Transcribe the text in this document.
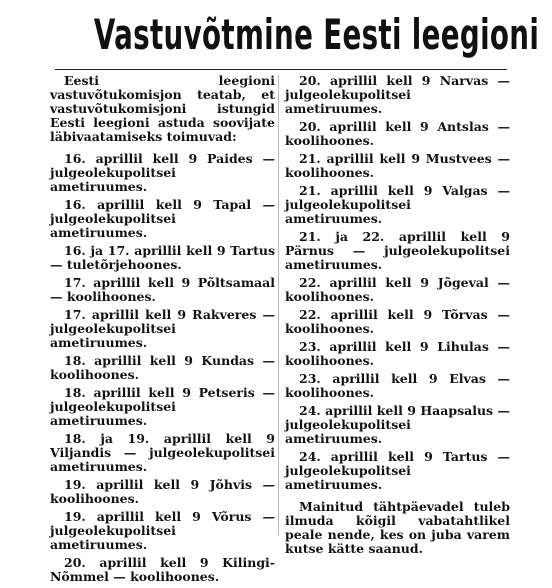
Vastuvõtmine Eesti leegioni

Eesti leegioni vastuvõtukomisjon teatab, et vastuvõtukomisjoni istungid Eesti leegioni astuda soovijate läbivaatamiseks toimuvad:

16. aprillil kell 9 Paides — julgeolekupolitsei ametiruumes.

16. aprillil kell 9 Tapal — julgeolekupolitsei ametiruumes.

16. ja 17. aprillil kell 9 Tartus — tuletõrjehoones.

17. aprillil kell 9 Põltsamaal — koolihoones.

17. aprillil kell 9 Rakveres — julgeolekupolitsei ametiruumes.

18. aprillil kell 9 Kundas — koolihoones.

18. aprillil kell 9 Petseris — julgeolekupolitsei ametiruumes.

18. ja 19. aprillil kell 9 Viljandis — julgeolekupolitsei ametiruumes.

19. aprillil kell 9 Jõhvis — koolihoones.

19. aprillil kell 9 Võrus — julgeolekupolitsei ametiruumes.

20. aprillil kell 9 Kilingi-Nõmmel — koolihoones.

20. aprillil kell 9 Narvas — julgeolekupolitsei ametiruumes.

20. aprillil kell 9 Antslas — koolihoones.

21. aprillil kell 9 Mustvees — koolihoones.

21. aprillil kell 9 Valgas — julgeolekupolitsei ametiruumes.

21. ja 22. aprillil kell 9 Pärnus — julgeolekupolitsei ametiruumes.

22. aprillil kell 9 Jõgeval — koolihoones.

22. aprillil kell 9 Tõrvas — koolihoones.

23. aprillil kell 9 Lihulas — koolihoones.

23. aprillil kell 9 Elvas — koolihoones.

24. aprillil kell 9 Haapsalus — julgeolekupolitsei ametiruumes.

24. aprillil kell 9 Tartus — julgeolekupolitsei ametiruumes.

Mainitud tähtpäevadel tuleb ilmuda kõigil vabatahtlikel peale nende, kes on juba varem kutse kätte saanud.
